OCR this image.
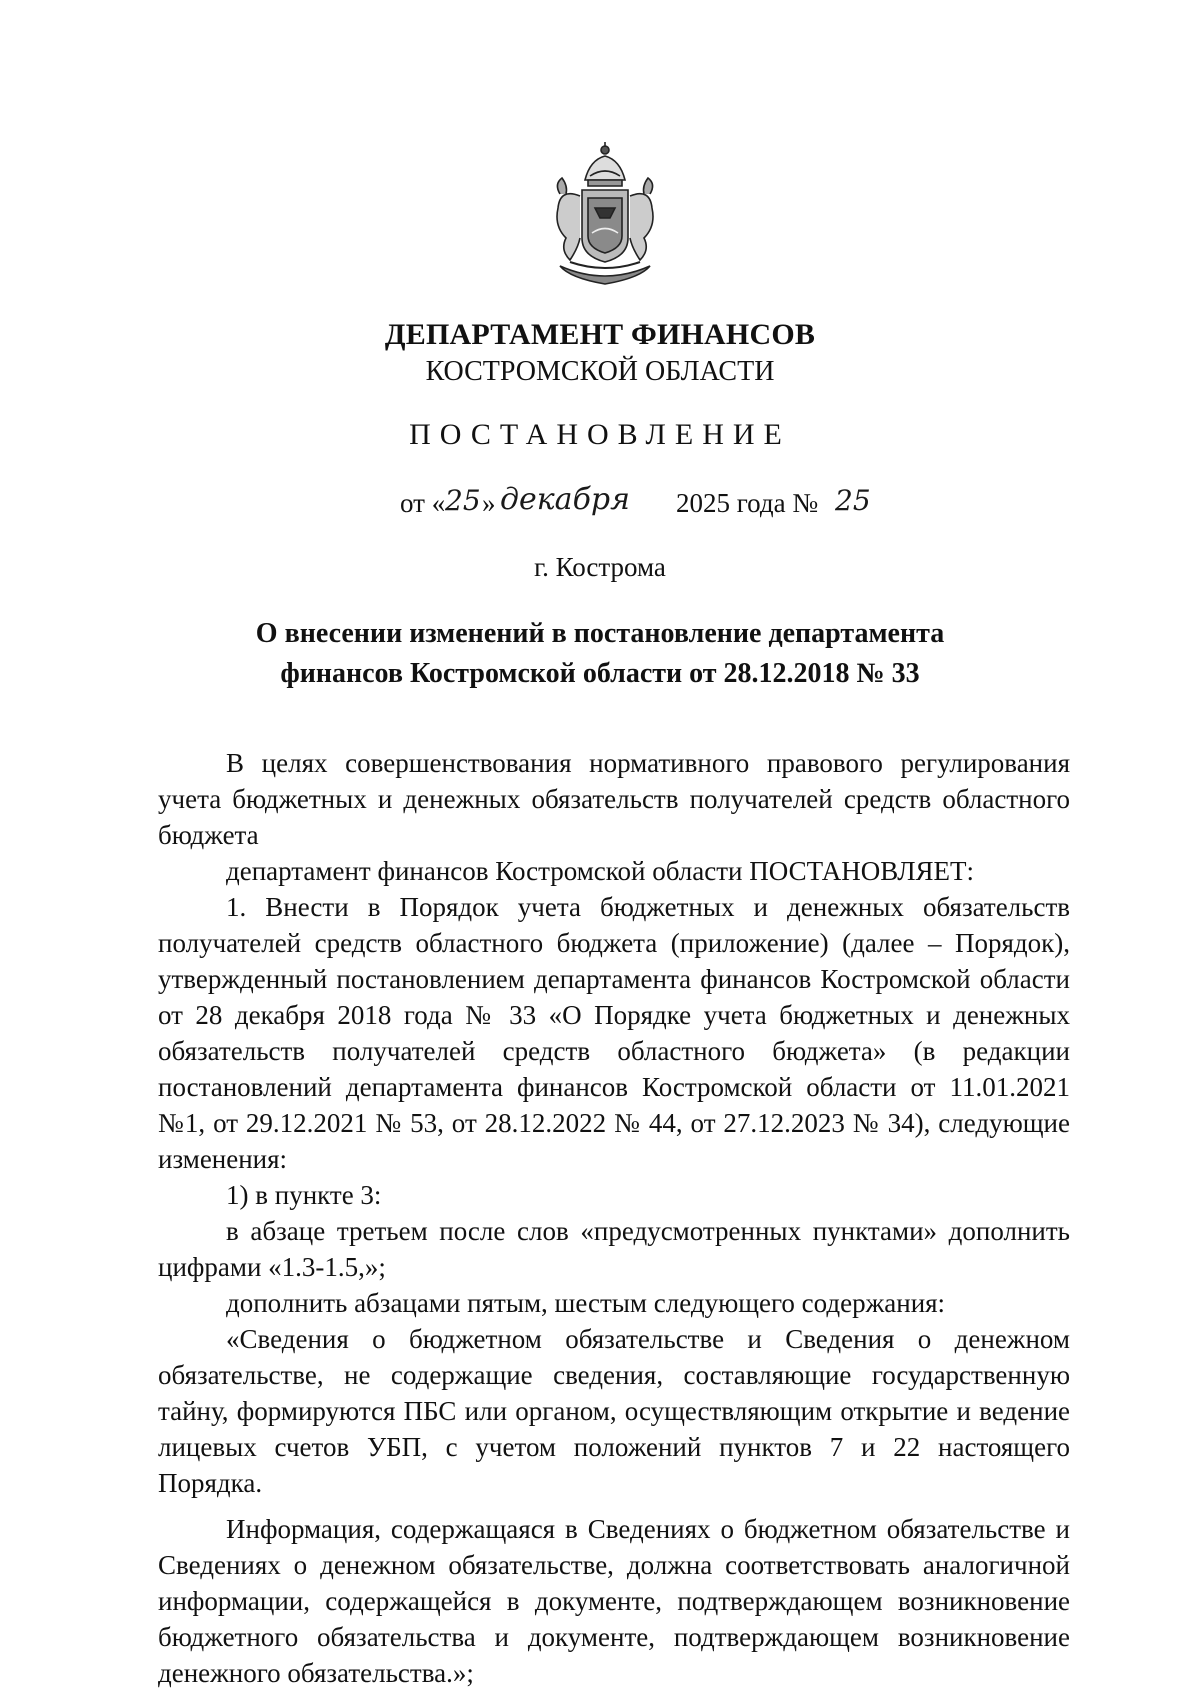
ДЕПАРТАМЕНТ ФИНАНСОВ
КОСТРОМСКОЙ ОБЛАСТИ
ПОСТАНОВЛЕНИЕ
от « 25 » декабря 2025 года № 25
г. Кострома
О внесении изменений в постановление департамента
финансов Костромской области от 28.12.2018 № 33

В целях совершенствования нормативного правового регулирования учета бюджетных и денежных обязательств получателей средств областного бюджета

департамент финансов Костромской области ПОСТАНОВЛЯЕТ:

1. Внести в Порядок учета бюджетных и денежных обязательств получателей средств областного бюджета (приложение) (далее – Порядок), утвержденный постановлением департамента финансов Костромской области от 28 декабря 2018 года № 33 «О Порядке учета бюджетных и денежных обязательств получателей средств областного бюджета» (в редакции постановлений департамента финансов Костромской области от 11.01.2021 №1, от 29.12.2021 № 53, от 28.12.2022 № 44, от 27.12.2023 № 34), следующие изменения:

1) в пункте 3:

в абзаце третьем после слов «предусмотренных пунктами» дополнить цифрами «1.3-1.5,»;

дополнить абзацами пятым, шестым следующего содержания:

«Сведения о бюджетном обязательстве и Сведения о денежном обязательстве, не содержащие сведения, составляющие государственную тайну, формируются ПБС или органом, осуществляющим открытие и ведение лицевых счетов УБП, с учетом положений пунктов 7 и 22 настоящего Порядка.

Информация, содержащаяся в Сведениях о бюджетном обязательстве и Сведениях о денежном обязательстве, должна соответствовать аналогичной информации, содержащейся в документе, подтверждающем возникновение бюджетного обязательства и документе, подтверждающем возникновение денежного обязательства.»;
